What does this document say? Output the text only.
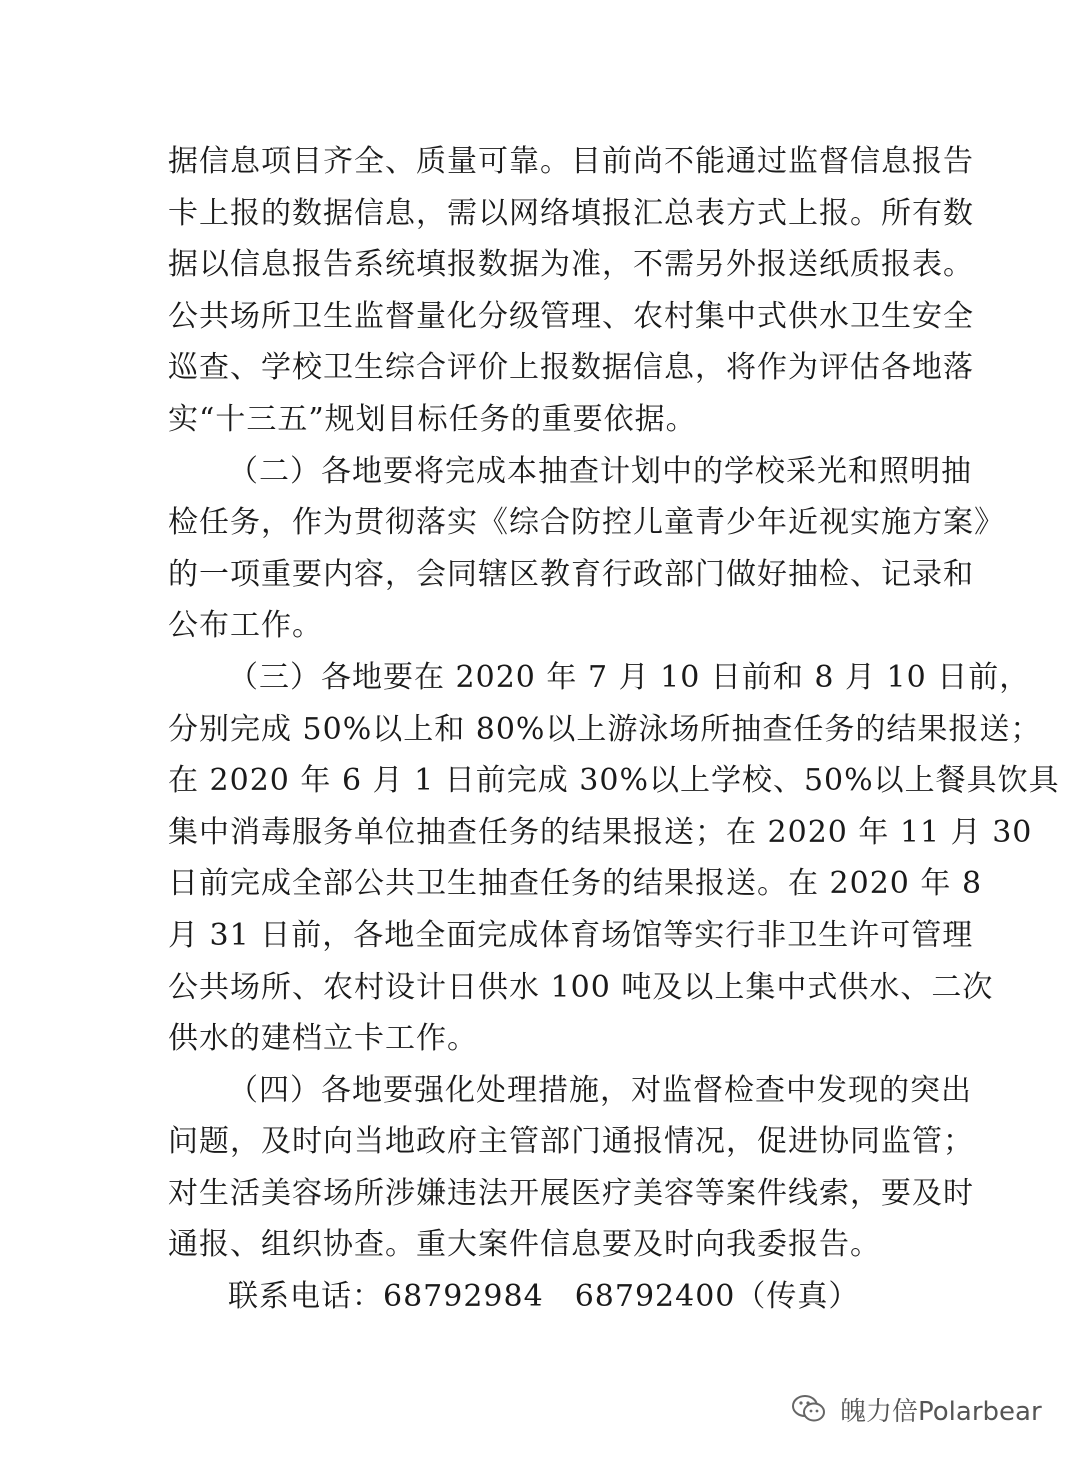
据信息项目齐全、质量可靠。目前尚不能通过监督信息报告
卡上报的数据信息，需以网络填报汇总表方式上报。所有数
据以信息报告系统填报数据为准，不需另外报送纸质报表。
公共场所卫生监督量化分级管理、农村集中式供水卫生安全
巡查、学校卫生综合评价上报数据信息，将作为评估各地落
实“十三五”规划目标任务的重要依据。
（二）各地要将完成本抽查计划中的学校采光和照明抽
检任务，作为贯彻落实《综合防控儿童青少年近视实施方案》
的一项重要内容，会同辖区教育行政部门做好抽检、记录和
公布工作。
（三）各地要在 2020 年 7 月 10 日前和 8 月 10 日前，
分别完成 50%以上和 80%以上游泳场所抽查任务的结果报送；
在 2020 年 6 月 1 日前完成 30%以上学校、50%以上餐具饮具
集中消毒服务单位抽查任务的结果报送；在 2020 年 11 月 30
日前完成全部公共卫生抽查任务的结果报送。在 2020 年 8
月 31 日前，各地全面完成体育场馆等实行非卫生许可管理
公共场所、农村设计日供水 100 吨及以上集中式供水、二次
供水的建档立卡工作。
（四）各地要强化处理措施，对监督检查中发现的突出
问题，及时向当地政府主管部门通报情况，促进协同监管；
对生活美容场所涉嫌违法开展医疗美容等案件线索，要及时
通报、组织协查。重大案件信息要及时向我委报告。
联系电话：68792984　68792400（传真）
魄力倍Polarbear
